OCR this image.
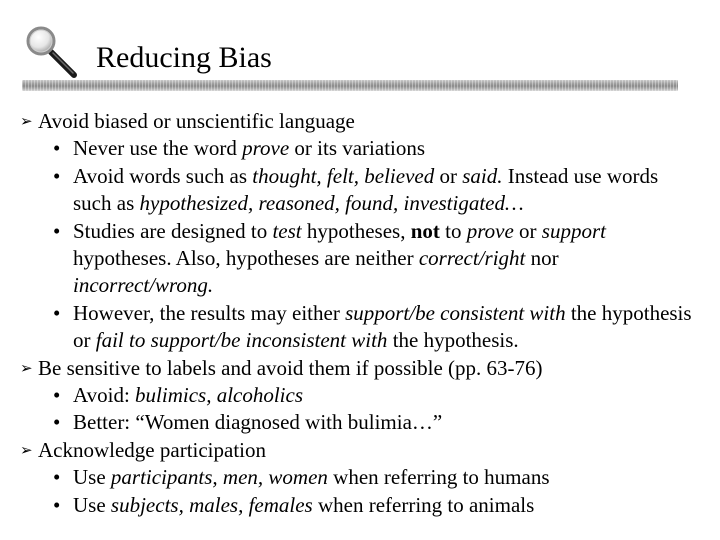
Reducing Bias
➢ Avoid biased or unscientific language
• Never use the word prove or its variations
• Avoid words such as thought, felt, believed or said. Instead use words such as hypothesized, reasoned, found, investigated…
• Studies are designed to test hypotheses, not to prove or support hypotheses. Also, hypotheses are neither correct/right nor incorrect/wrong.
• However, the results may either support/be consistent with the hypothesis or fail to support/be inconsistent with the hypothesis.
➢ Be sensitive to labels and avoid them if possible (pp. 63-76)
• Avoid: bulimics, alcoholics
• Better: “Women diagnosed with bulimia…”
➢ Acknowledge participation
• Use participants, men, women when referring to humans
• Use subjects, males, females when referring to animals
